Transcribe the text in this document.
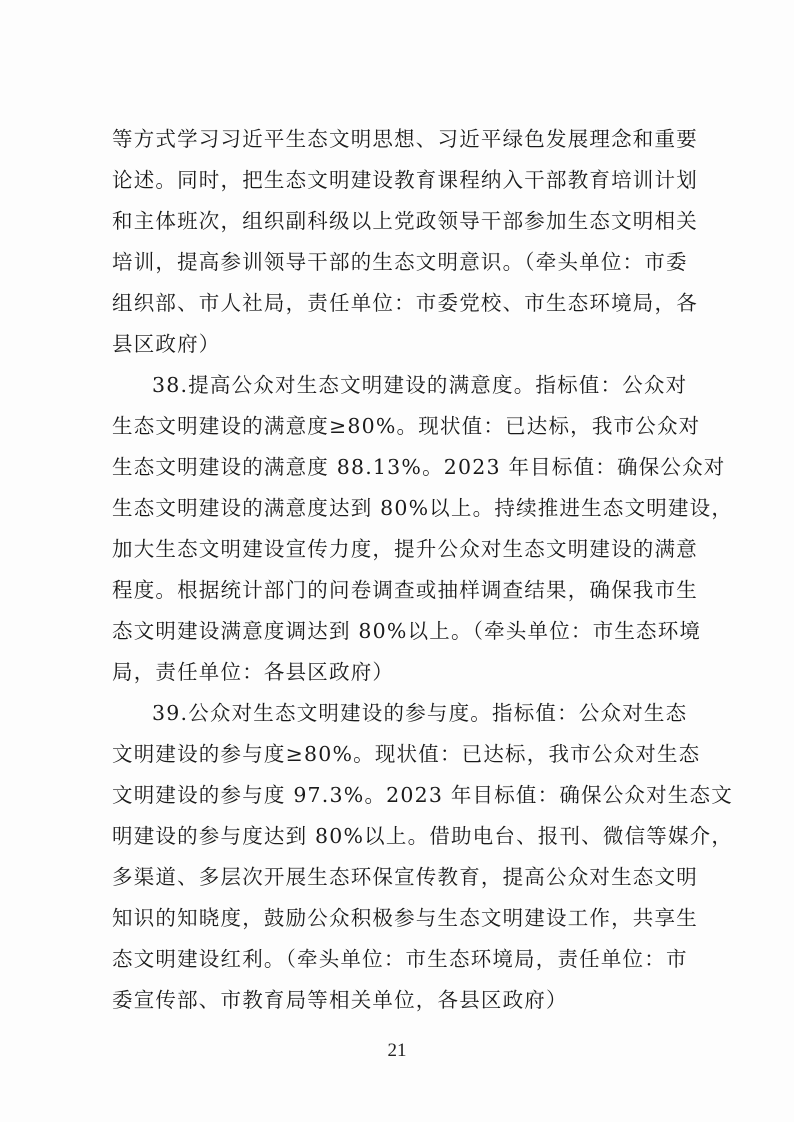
等方式学习习近平生态文明思想、习近平绿色发展理念和重要
论述。同时，把生态文明建设教育课程纳入干部教育培训计划
和主体班次，组织副科级以上党政领导干部参加生态文明相关
培训，提高参训领导干部的生态文明意识。（牵头单位：市委
组织部、市人社局，责任单位：市委党校、市生态环境局，各
县区政府）
38.提高公众对生态文明建设的满意度。指标值：公众对
生态文明建设的满意度≥80%。现状值：已达标，我市公众对
生态文明建设的满意度 88.13%。2023 年目标值：确保公众对
生态文明建设的满意度达到 80%以上。持续推进生态文明建设，
加大生态文明建设宣传力度，提升公众对生态文明建设的满意
程度。根据统计部门的问卷调查或抽样调查结果，确保我市生
态文明建设满意度调达到 80%以上。（牵头单位：市生态环境
局，责任单位：各县区政府）
39.公众对生态文明建设的参与度。指标值：公众对生态
文明建设的参与度≥80%。现状值：已达标，我市公众对生态
文明建设的参与度 97.3%。2023 年目标值：确保公众对生态文
明建设的参与度达到 80%以上。借助电台、报刊、微信等媒介，
多渠道、多层次开展生态环保宣传教育，提高公众对生态文明
知识的知晓度，鼓励公众积极参与生态文明建设工作，共享生
态文明建设红利。（牵头单位：市生态环境局，责任单位：市
委宣传部、市教育局等相关单位，各县区政府）
21
